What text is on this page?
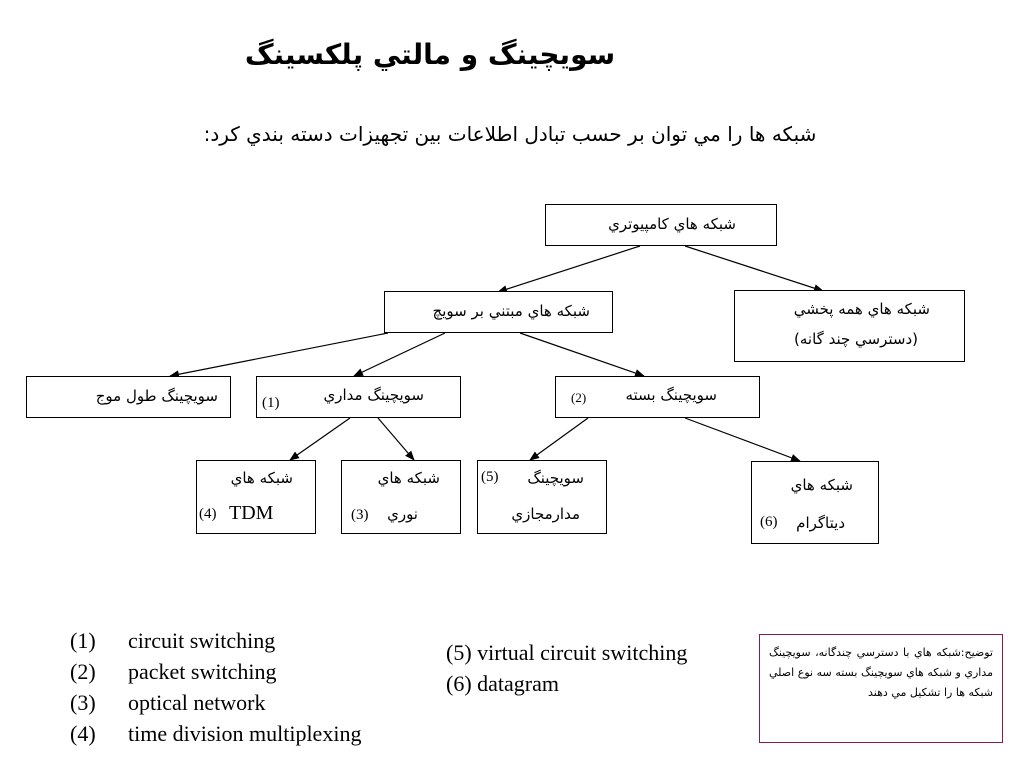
سويچينگ و مالتي پلكسينگ
شبكه ها را مي توان بر حسب تبادل اطلاعات بين تجهيزات دسته بندي كرد:
شبكه هاي كامپيوتري
شبكه هاي مبتني بر سويچ	شبكه هاي همه پخشي
(دسترسي چند گانه)
سويچينگ طول موج	سويچينگ مداري
(1)	سويچينگ بسته
(2)
شبكه هاي
TDM
(4)
شبكه هاي
نوري
(3)
سويچينگ
(5)
مدارمجازي
شبكه هاي
ديتاگرام
(6)
(1) circuit switching
(2) packet switching
(3) optical network
(4) time division multiplexing
(5) virtual circuit switching
(6) datagram
توضيح:شبكه هاي با دسترسي چندگانه، سويچينگ مداري و شبكه هاي سويچينگ بسته سه نوع اصلي شبكه ها را تشكيل مي دهند
